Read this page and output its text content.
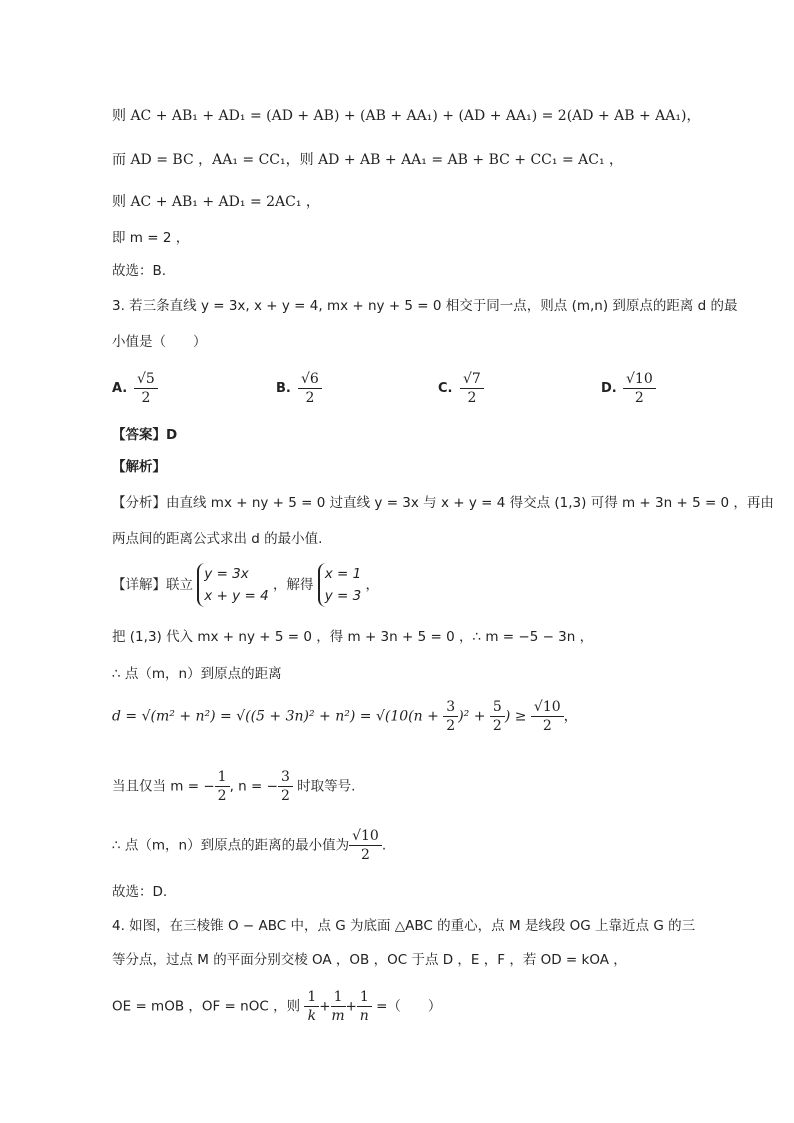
则 AC + AB₁ + AD₁ = (AD + AB) + (AB + AA₁) + (AD + AA₁) = 2(AD + AB + AA₁)，
而 AD = BC ，AA₁ = CC₁，则 AD + AB + AA₁ = AB + BC + CC₁ = AC₁ ，
则 AC + AB₁ + AD₁ = 2AC₁ ，
即 m = 2 ，
故选：B.
3. 若三条直线 y = 3x, x + y = 4, mx + ny + 5 = 0 相交于同一点，则点 (m,n) 到原点的距离 d 的最
小值是（　　）
A. $\frac{√5}{2}$	B. $\frac{√6}{2}$	C. $\frac{√7}{2}$	D. $\frac{√10}{2}$
【答案】D
【解析】
【分析】由直线 mx + ny + 5 = 0 过直线 y = 3x 与 x + y = 4 得交点 (1,3) 可得 m + 3n + 5 = 0 ，再由
两点间的距离公式求出 d 的最小值.
【详解】联立
y = 3x
x + y = 4
，解得
x = 1
y = 3
，
把 (1,3) 代入 mx + ny + 5 = 0 ，得 m + 3n + 5 = 0 ，∴ m = −5 − 3n ，
∴ 点（m，n）到原点的距离
$d = √(m^2 + n^2) = √((5 + 3n)^2 + n^2) = √(10(n + \frac{3}{2} )^2 + \frac{5}{2}$ ) ≥ $\frac{√10}{2}$ ，
当且仅当 m = − $\frac{1}{2}$ , n = − $\frac{3}{2}$ 时取等号.
∴ 点（m，n）到原点的距离的最小值为 $\frac{√10}{2}$ .
故选：D.
4. 如图，在三棱锥 O − ABC 中，点 G 为底面 △ABC 的重心，点 M 是线段 OG 上靠近点 G 的三
等分点，过点 M 的平面分别交棱 OA ，OB ，OC 于点 D ，E ，F ，若 OD = kOA ，
OE = mOB ，OF = nOC ，则 $\frac{1}{k} + \frac{1}{m} + \frac{1}{n}$ =（　　）
